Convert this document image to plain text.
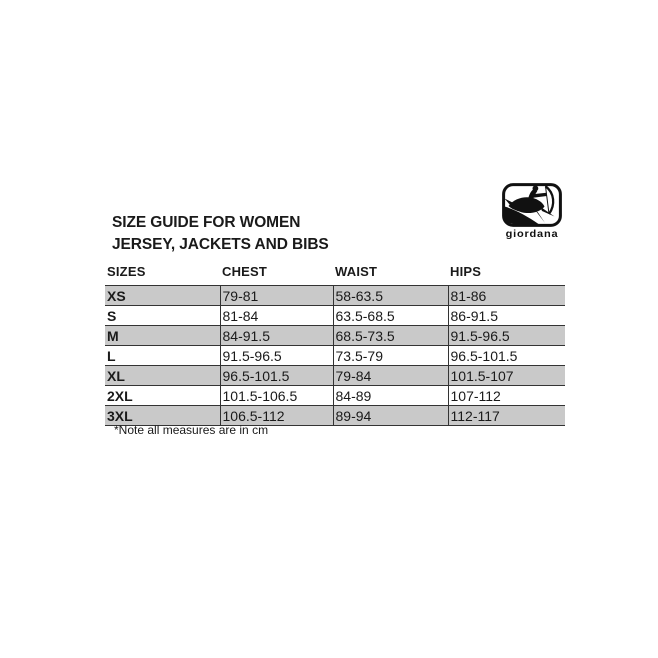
SIZE GUIDE FOR WOMEN
JERSEY, JACKETS AND BIBS
giordana
SIZES	CHEST	WAIST	HIPS
XS	79-81	58-63.5	81-86
S	81-84	63.5-68.5	86-91.5
M	84-91.5	68.5-73.5	91.5-96.5
L	91.5-96.5	73.5-79	96.5-101.5
XL	96.5-101.5	79-84	101.5-107
2XL	101.5-106.5	84-89	107-112
3XL	106.5-112	89-94	112-117
*Note all measures are in cm
